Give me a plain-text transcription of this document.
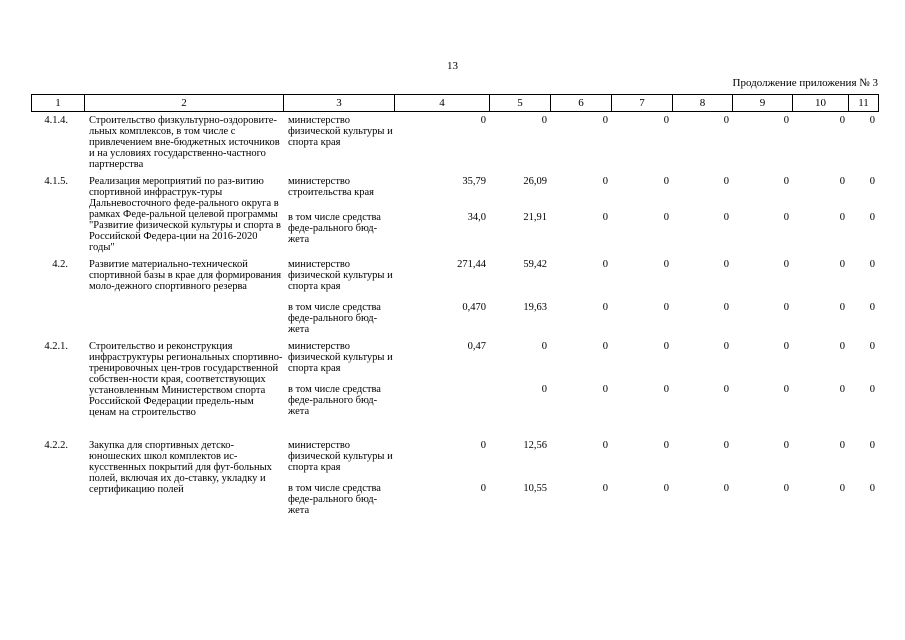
13
Продолжение приложения № 3
1	2	3	4	5	6	7	8	9	10	11
4.1.4.	Строительство физкультурно-оздоровите-льных комплексов, в том числе с привлечением вне-бюджетных источников и на условиях государственно-частного партнерства	министерство физической культуры и спорта края	0	0	0	0	0	0	0	0

4.1.5.	Реализация мероприятий по раз-витию спортивной инфраструк-туры Дальневосточного феде-рального округа в рамках Феде-ральной целевой программы "Развитие физической культуры и спорта в Российской Федера-ции на 2016-2020 годы"	министерство строительства края	35,79	26,09	0	0	0	0	0	0
		в том числе средства феде-рального бюд-жета	34,0	21,91	0	0	0	0	0	0

4.2.	Развитие материально-технической спортивной базы в крае для формирования моло-дежного спортивного резерва	министерство физической культуры и спорта края	271,44	59,42	0	0	0	0	0	0
		в том числе средства феде-рального бюд-жета	0,470	19,63	0	0	0	0	0	0

4.2.1.	Строительство и реконструкция инфраструктуры региональных спортивно-тренировочных цен-тров государственной собствен-ности края, соответствующих установленным Министерством спорта Российской Федерации предель-ным ценам на строительство	министерство физической культуры и спорта края	0,47	0	0	0	0	0	0	0
		в том числе средства феде-рального бюд-жета		0	0	0	0	0	0	0

4.2.2.	Закупка для спортивных детско-юношеских школ комплектов ис-кусственных покрытий для фут-больных полей, включая их до-ставку, укладку и сертификацию полей	министерство физической культуры и спорта края	0	12,56	0	0	0	0	0	0
		в том числе средства феде-рального бюд-жета	0	10,55	0	0	0	0	0	0
